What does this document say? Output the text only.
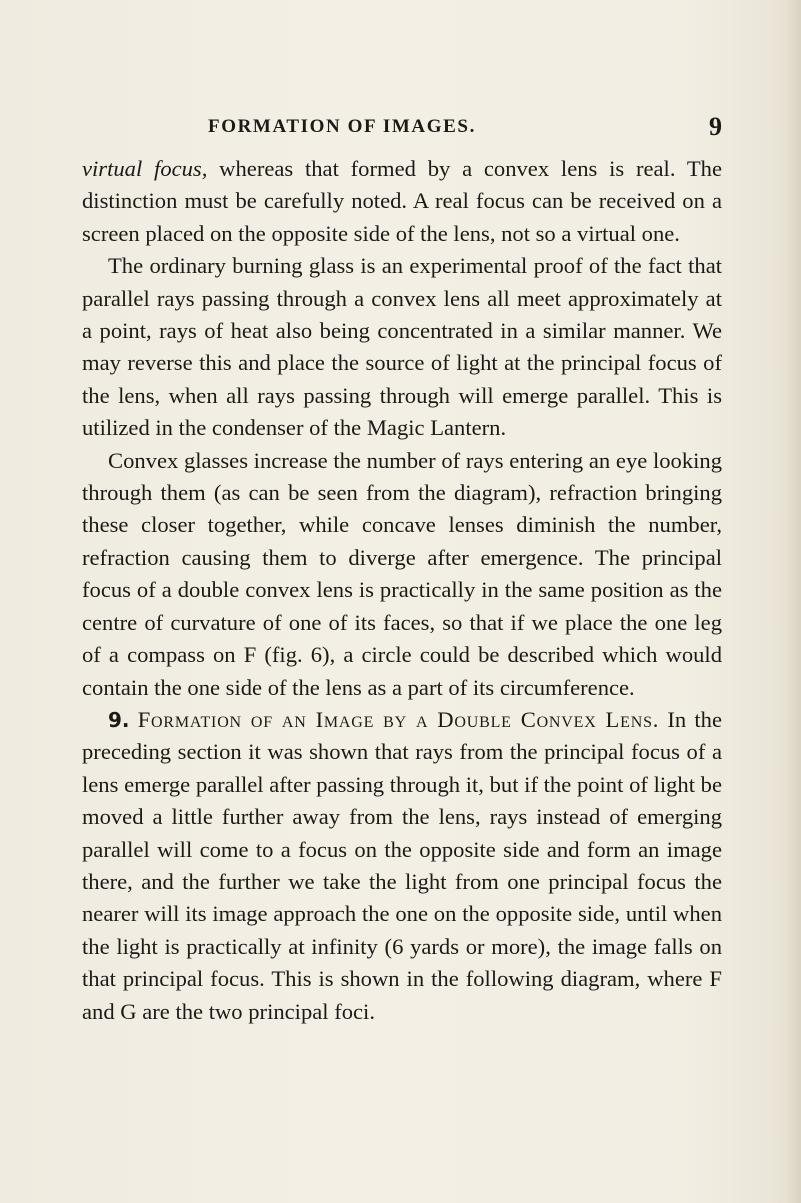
FORMATION OF IMAGES.	9

virtual focus, whereas that formed by a convex lens is real. The distinction must be carefully noted. A real focus can be received on a screen placed on the opposite side of the lens, not so a virtual one.

The ordinary burning glass is an experimental proof of the fact that parallel rays passing through a convex lens all meet approximately at a point, rays of heat also being concentrated in a similar manner. We may reverse this and place the source of light at the principal focus of the lens, when all rays passing through will emerge parallel. This is utilized in the condenser of the Magic Lantern.

Convex glasses increase the number of rays entering an eye looking through them (as can be seen from the diagram), refraction bringing these closer together, while concave lenses diminish the number, refraction causing them to diverge after emergence. The principal focus of a double convex lens is practically in the same position as the centre of curvature of one of its faces, so that if we place the one leg of a compass on F (fig. 6), a circle could be described which would contain the one side of the lens as a part of its circumference.

9. Formation of an Image by a Double Convex Lens. In the preceding section it was shown that rays from the principal focus of a lens emerge parallel after passing through it, but if the point of light be moved a little further away from the lens, rays instead of emerging parallel will come to a focus on the opposite side and form an image there, and the further we take the light from one principal focus the nearer will its image approach the one on the opposite side, until when the light is practically at infinity (6 yards or more), the image falls on that principal focus. This is shown in the following diagram, where F and G are the two principal foci.
